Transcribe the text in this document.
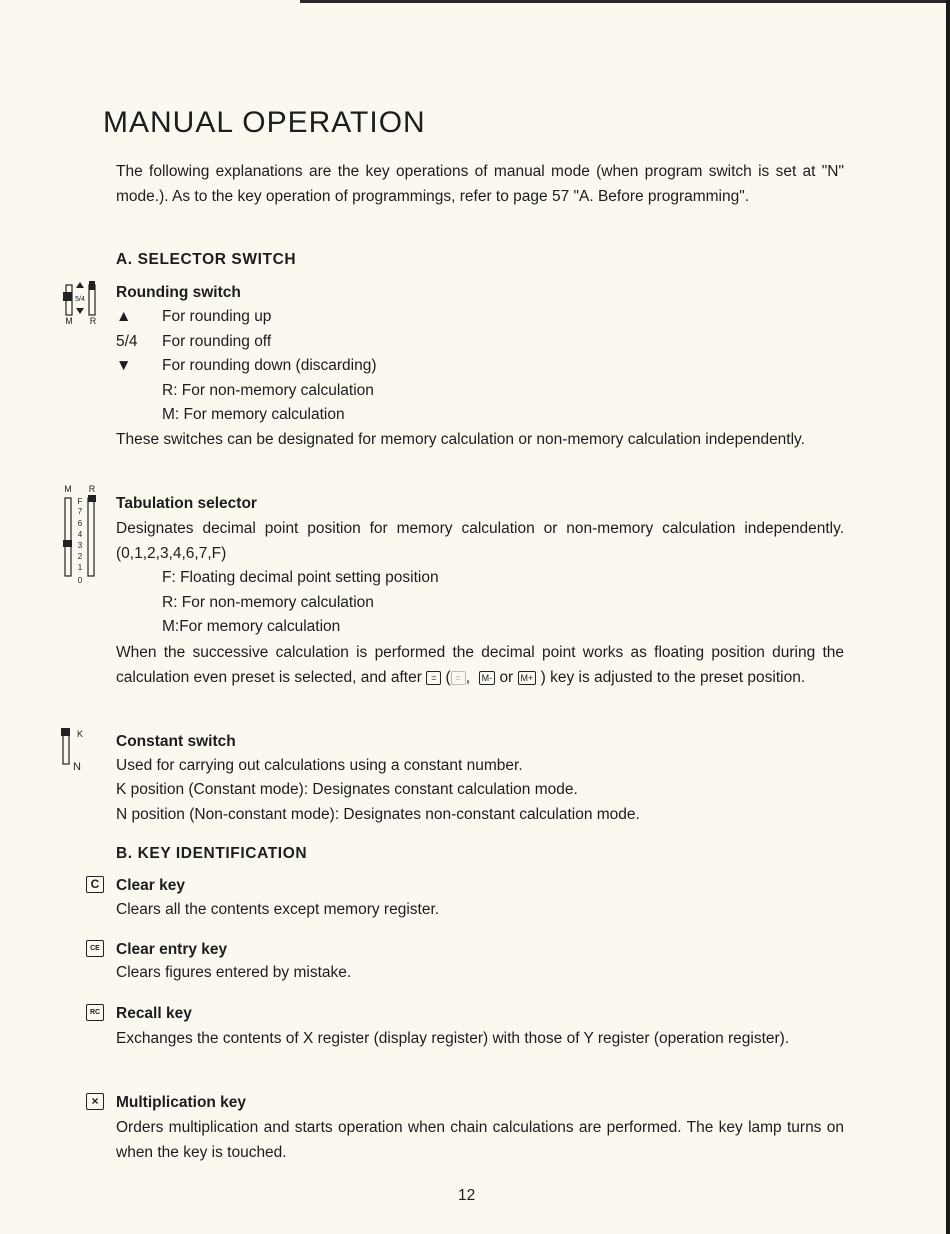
MANUAL OPERATION

The following explanations are the key operations of manual mode (when program switch is set at "N" mode.). As to the key operation of programmings, refer to page 57 "A. Before programming".

A. SELECTOR SWITCH
5/4
M R
Rounding switch
▲ For rounding up
5/4 For rounding off
▼ For rounding down (discarding)
R: For non-memory calculation
M: For memory calculation

These switches can be designated for memory calculation or non-memory calculation independently.

M R
F
7
6
4
3
2
1
0
Tabulation selector

Designates decimal point position for memory calculation or non-memory calculation independently. (0,1,2,3,4,6,7,F)

F: Floating decimal point setting position
R: For non-memory calculation
M:For memory calculation

When the successive calculation is performed the decimal point works as floating position during the calculation even preset is selected, and after = ( = , M- or M+ ) key is adjusted to the preset position.

K
N
Constant switch
Used for carrying out calculations using a constant number.
K position (Constant mode): Designates constant calculation mode.
N position (Non-constant mode): Designates non-constant calculation mode.
B. KEY IDENTIFICATION
C	Clear key
Clears all the contents except memory register.
CE Clear entry key
Clears figures entered by mistake.
RC Recall key

Exchanges the contents of X register (display register) with those of Y register (operation register).

×	Multiplication key

Orders multiplication and starts operation when chain calculations are performed. The key lamp turns on when the key is touched.

12
